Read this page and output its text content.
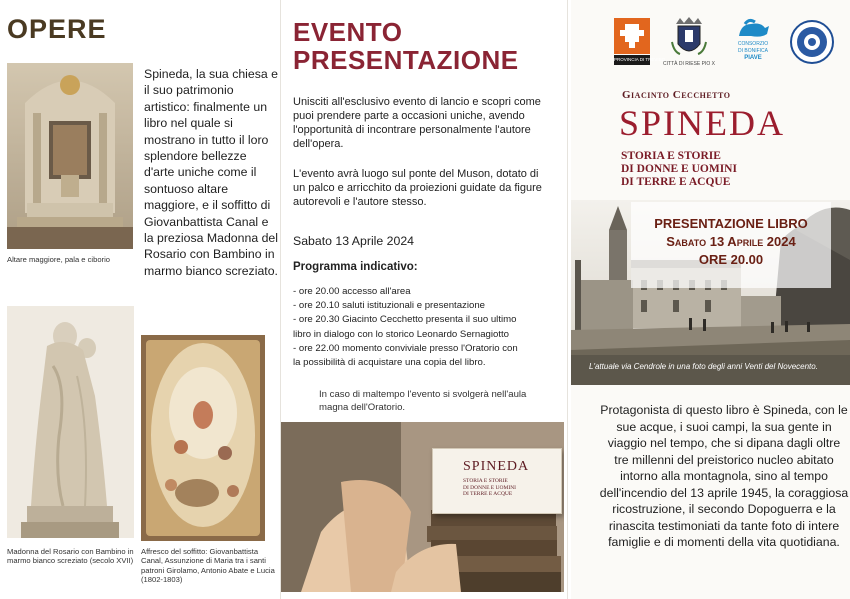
OPERE
Altare maggiore, pala e ciborio
Spineda, la sua chiesa e il suo patrimonio artistico: finalmente un libro nel quale si mostrano in tutto il loro splendore bellezze d'arte uniche come il sontuoso altare maggiore, e il soffitto di Giovanbattista Canal e la preziosa Madonna del Rosario con Bambino in marmo bianco screziato.
Madonna del Rosario con Bambino in marmo bianco screziato (secolo XVII)
Affresco del soffitto: Giovanbattista Canal, Assunzione di Maria tra i santi patroni Girolamo, Antonio Abate e Lucia (1802-1803)
EVENTO
PRESENTAZIONE
Unisciti all'esclusivo evento di lancio e scopri come puoi prendere parte a occasioni uniche, avendo l'opportunità di incontrare personalmente l'autore dell'opera.
L'evento avrà luogo sul ponte del Muson, dotato di un palco e arricchito da proiezioni guidate da figure autorevoli e l'autore stesso.
Sabato 13 Aprile 2024
Programma indicativo:
- ore 20.00 accesso all'area
- ore 20.10 saluti istituzionali e presentazione
- ore 20.30 Giacinto Cecchetto presenta il suo ultimo
libro in dialogo con lo storico Leonardo Sernagiotto
- ore 22.00 momento conviviale presso l'Oratorio con
la possibilità di acquistare una copia del libro.
In caso di maltempo l'evento si svolgerà nell'aula magna dell'Oratorio.
SPINEDA
STORIA E STORIE
DI DONNE E UOMINI
DI TERRE E ACQUE
PROVINCIA DI TREVISO
CITTÀ DI RIESE PIO X
CONSORZIO
DI BONIFICA
PIAVE
Giacinto Cecchetto
SPINEDA
STORIA E STORIE
DI DONNE E UOMINI
DI TERRE E ACQUE
PRESENTAZIONE LIBRO
Sabato 13 Aprile 2024
ORE 20.00
L'attuale via Cendrole in una foto degli anni Venti del Novecento.
Protagonista di questo libro è Spineda, con le sue acque, i suoi campi, la sua gente in viaggio nel tempo, che si dipana dagli oltre tre millenni del preistorico nucleo abitato intorno alla montagnola, sino al tempo dell'incendio del 13 aprile 1945, la coraggiosa ricostruzione, il secondo Dopoguerra e la rinascita testimoniati da tante foto di intere famiglie e di momenti della vita quotidiana.
